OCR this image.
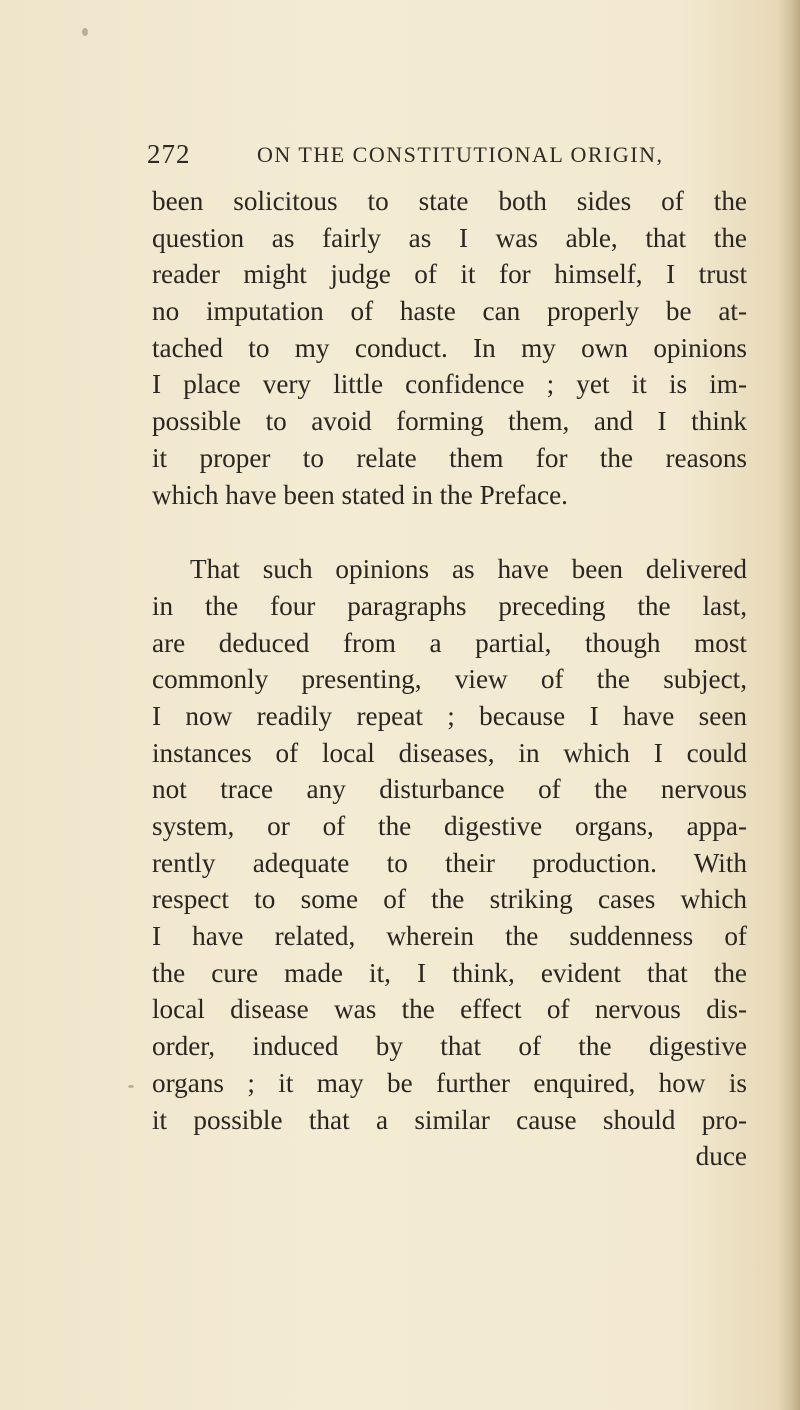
272	ON THE CONSTITUTIONAL ORIGIN,
been solicitous to state both sides of the
question as fairly as I was able, that the
reader might judge of it for himself, I trust
no imputation of haste can properly be at-
tached to my conduct. In my own opinions
I place very little confidence ; yet it is im-
possible to avoid forming them, and I think
it proper to relate them for the reasons
which have been stated in the Preface.
That such opinions as have been delivered
in the four paragraphs preceding the last,
are deduced from a partial, though most
commonly presenting, view of the subject,
I now readily repeat ; because I have seen
instances of local diseases, in which I could
not trace any disturbance of the nervous
system, or of the digestive organs, appa-
rently adequate to their production. With
respect to some of the striking cases which
I have related, wherein the suddenness of
the cure made it, I think, evident that the
local disease was the effect of nervous dis-
order, induced by that of the digestive
organs ; it may be further enquired, how is
it possible that a similar cause should pro-
duce
